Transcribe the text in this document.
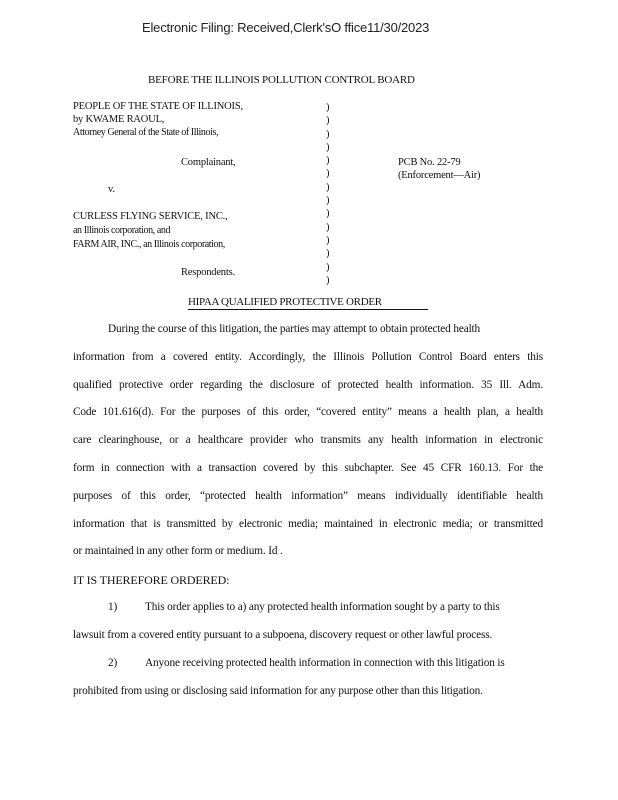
Electronic Filing: Received,Clerk'sO ffice11/30/2023
BEFORE THE ILLINOIS POLLUTION CONTROL BOARD
PEOPLE OF THE STATE OF ILLINOIS,
by KWAME RAOUL,
Attorney General of the State of Illinois,
Complainant,
v.
CURLESS FLYING SERVICE, INC.,
an Illinois corporation, and
FARM AIR, INC., an Illinois corporation,
Respondents.
)
)
)
)
)
)
)
)
)
)
)
)
)
)
PCB No. 22-79
(Enforcement—Air)
HIPAA QUALIFIED PROTECTIVE ORDER
During the course of this litigation, the parties may attempt to obtain protected health
information from a covered entity. Accordingly, the Illinois Pollution Control Board enters this
qualified protective order regarding the disclosure of protected health information. 35 Ill. Adm.
Code 101.616(d). For the purposes of this order, “covered entity” means a health plan, a health
care clearinghouse, or a healthcare provider who transmits any health information in electronic
form in connection with a transaction covered by this subchapter. See 45 CFR 160.13. For the
purposes of this order, “protected health information” means individually identifiable health
information that is transmitted by electronic media; maintained in electronic media; or transmitted
or maintained in any other form or medium. Id .
IT IS THEREFORE ORDERED:
1)	This order applies to a) any protected health information sought by a party to this
lawsuit from a covered entity pursuant to a subpoena, discovery request or other lawful process.
2)	Anyone receiving protected health information in connection with this litigation is
prohibited from using or disclosing said information for any purpose other than this litigation.
